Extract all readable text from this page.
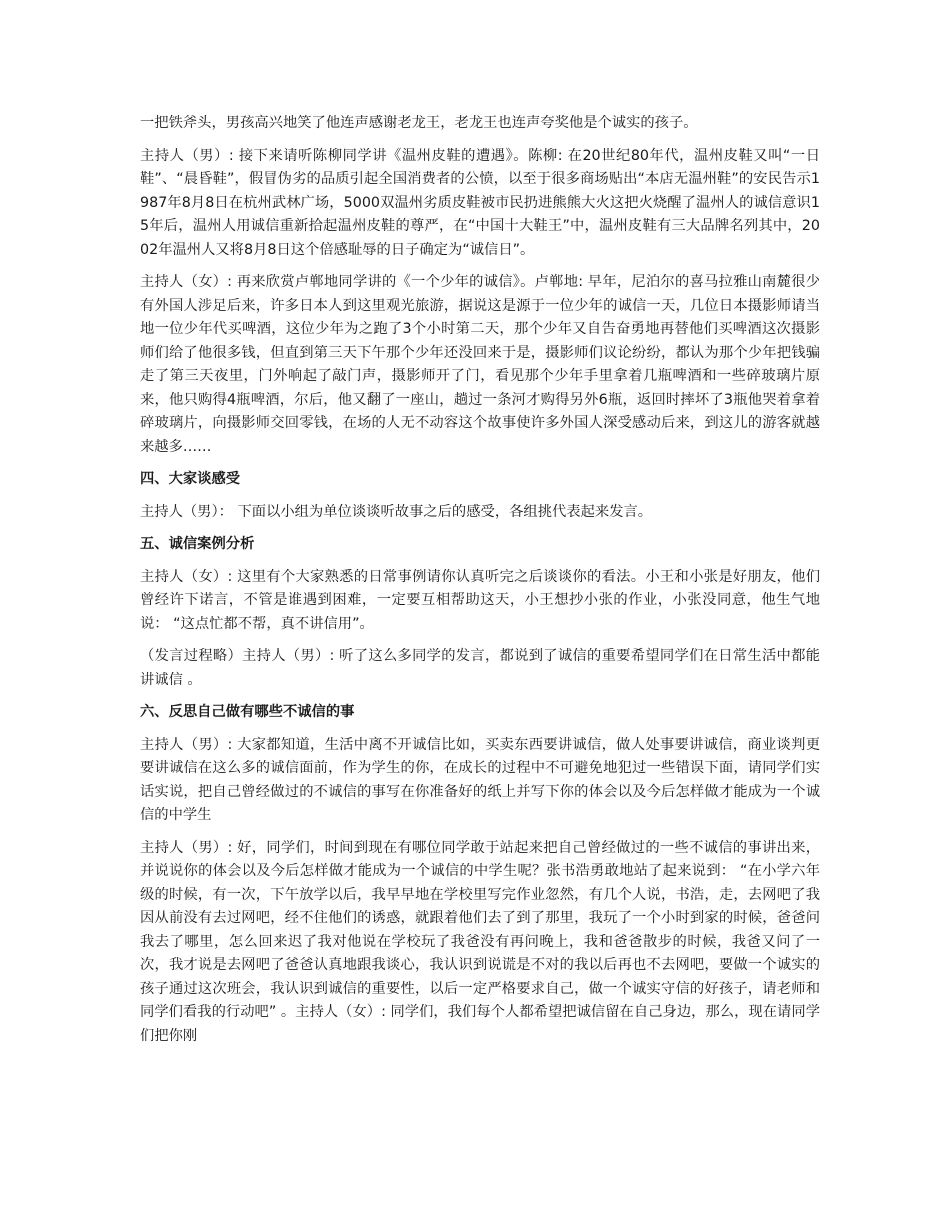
一把铁斧头，男孩高兴地笑了他连声感谢老龙王，老龙王也连声夸奖他是个诚实的孩子。

主持人（男）: 接下来请听陈柳同学讲《温州皮鞋的遭遇》。陈柳: 在20世纪80年代，温州皮鞋又叫“一日鞋”、“晨昏鞋”，假冒伪劣的品质引起全国消费者的公愤，以至于很多商场贴出“本店无温州鞋”的安民告示1987年8月8日在杭州武林广场，5000双温州劣质皮鞋被市民扔进熊熊大火这把火烧醒了温州人的诚信意识15年后，温州人用诚信重新拾起温州皮鞋的尊严，在“中国十大鞋王”中，温州皮鞋有三大品牌名列其中，2002年温州人又将8月8日这个倍感耻辱的日子确定为“诚信日”。

主持人（女）: 再来欣赏卢郸地同学讲的《一个少年的诚信》。卢郸地: 早年，尼泊尔的喜马拉雅山南麓很少有外国人涉足后来，许多日本人到这里观光旅游，据说这是源于一位少年的诚信一天，几位日本摄影师请当地一位少年代买啤酒，这位少年为之跑了3个小时第二天，那个少年又自告奋勇地再替他们买啤酒这次摄影师们给了他很多钱，但直到第三天下午那个少年还没回来于是，摄影师们议论纷纷，都认为那个少年把钱骗走了第三天夜里，门外响起了敲门声，摄影师开了门，看见那个少年手里拿着几瓶啤酒和一些碎玻璃片原来，他只购得4瓶啤酒，尔后，他又翻了一座山，趟过一条河才购得另外6瓶，返回时摔坏了3瓶他哭着拿着碎玻璃片，向摄影师交回零钱，在场的人无不动容这个故事使许多外国人深受感动后来，到这儿的游客就越来越多……

四、大家谈感受

主持人（男）： 下面以小组为单位谈谈听故事之后的感受，各组挑代表起来发言。

五、诚信案例分析

主持人（女）: 这里有个大家熟悉的日常事例请你认真听完之后谈谈你的看法。小王和小张是好朋友，他们曾经许下诺言，不管是谁遇到困难，一定要互相帮助这天，小王想抄小张的作业，小张没同意，他生气地说： “这点忙都不帮，真不讲信用”。

（发言过程略）主持人（男）: 听了这么多同学的发言，都说到了诚信的重要希望同学们在日常生活中都能讲诚信 。

六、反思自己做有哪些不诚信的事

主持人（男）: 大家都知道，生活中离不开诚信比如，买卖东西要讲诚信，做人处事要讲诚信，商业谈判更要讲诚信在这么多的诚信面前，作为学生的你，在成长的过程中不可避免地犯过一些错误下面，请同学们实话实说，把自己曾经做过的不诚信的事写在你准备好的纸上并写下你的体会以及今后怎样做才能成为一个诚信的中学生

主持人（男）: 好，同学们，时间到现在有哪位同学敢于站起来把自己曾经做过的一些不诚信的事讲出来，并说说你的体会以及今后怎样做才能成为一个诚信的中学生呢？张书浩勇敢地站了起来说到： “在小学六年级的时候，有一次，下午放学以后，我早早地在学校里写完作业忽然，有几个人说，书浩，走，去网吧了我因从前没有去过网吧，经不住他们的诱惑，就跟着他们去了到了那里，我玩了一个小时到家的时候，爸爸问我去了哪里，怎么回来迟了我对他说在学校玩了我爸没有再问晚上，我和爸爸散步的时候，我爸又问了一次，我才说是去网吧了爸爸认真地跟我谈心，我认识到说谎是不对的我以后再也不去网吧，要做一个诚实的孩子通过这次班会，我认识到诚信的重要性，以后一定严格要求自己，做一个诚实守信的好孩子，请老师和同学们看我的行动吧” 。主持人（女）: 同学们，我们每个人都希望把诚信留在自己身边，那么，现在请同学们把你刚
